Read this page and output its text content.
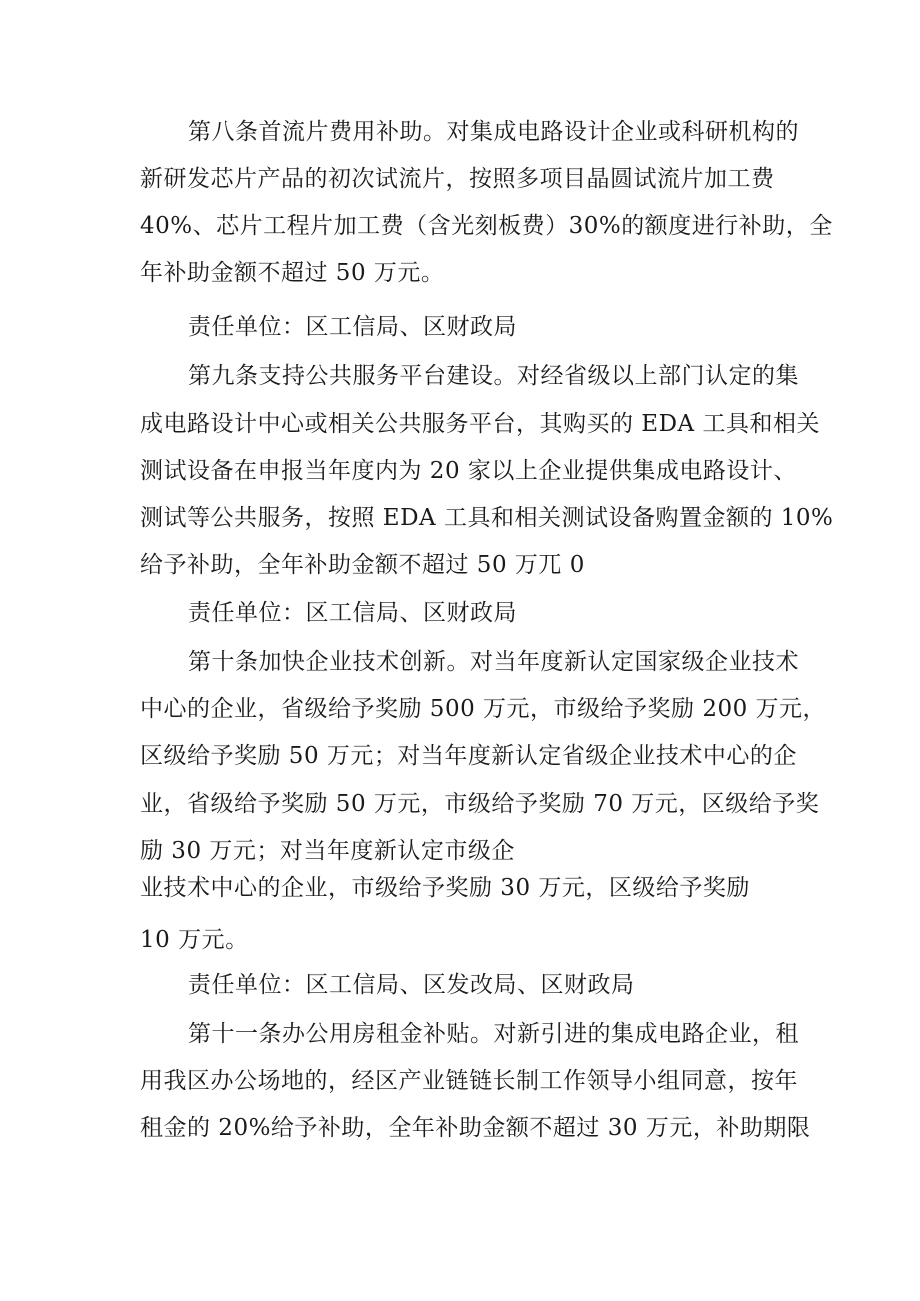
第八条首流片费用补助。对集成电路设计企业或科研机构的
新研发芯片产品的初次试流片，按照多项目晶圆试流片加工费
40%、芯片工程片加工费（含光刻板费）30%的额度进行补助，全
年补助金额不超过 50 万元。
责任单位：区工信局、区财政局
第九条支持公共服务平台建设。对经省级以上部门认定的集
成电路设计中心或相关公共服务平台，其购买的 EDA 工具和相关
测试设备在申报当年度内为 20 家以上企业提供集成电路设计、
测试等公共服务，按照 EDA 工具和相关测试设备购置金额的 10%
给予补助，全年补助金额不超过 50 万兀 0
责任单位：区工信局、区财政局
第十条加快企业技术创新。对当年度新认定国家级企业技术
中心的企业，省级给予奖励 500 万元，市级给予奖励 200 万元，
区级给予奖励 50 万元；对当年度新认定省级企业技术中心的企
业，省级给予奖励 50 万元，市级给予奖励 70 万元，区级给予奖
励 30 万元；对当年度新认定市级企
业技术中心的企业，市级给予奖励 30 万元，区级给予奖励
10 万元。
责任单位：区工信局、区发改局、区财政局
第十一条办公用房租金补贴。对新引进的集成电路企业，租
用我区办公场地的，经区产业链链长制工作领导小组同意，按年
租金的 20%给予补助，全年补助金额不超过 30 万元，补助期限
